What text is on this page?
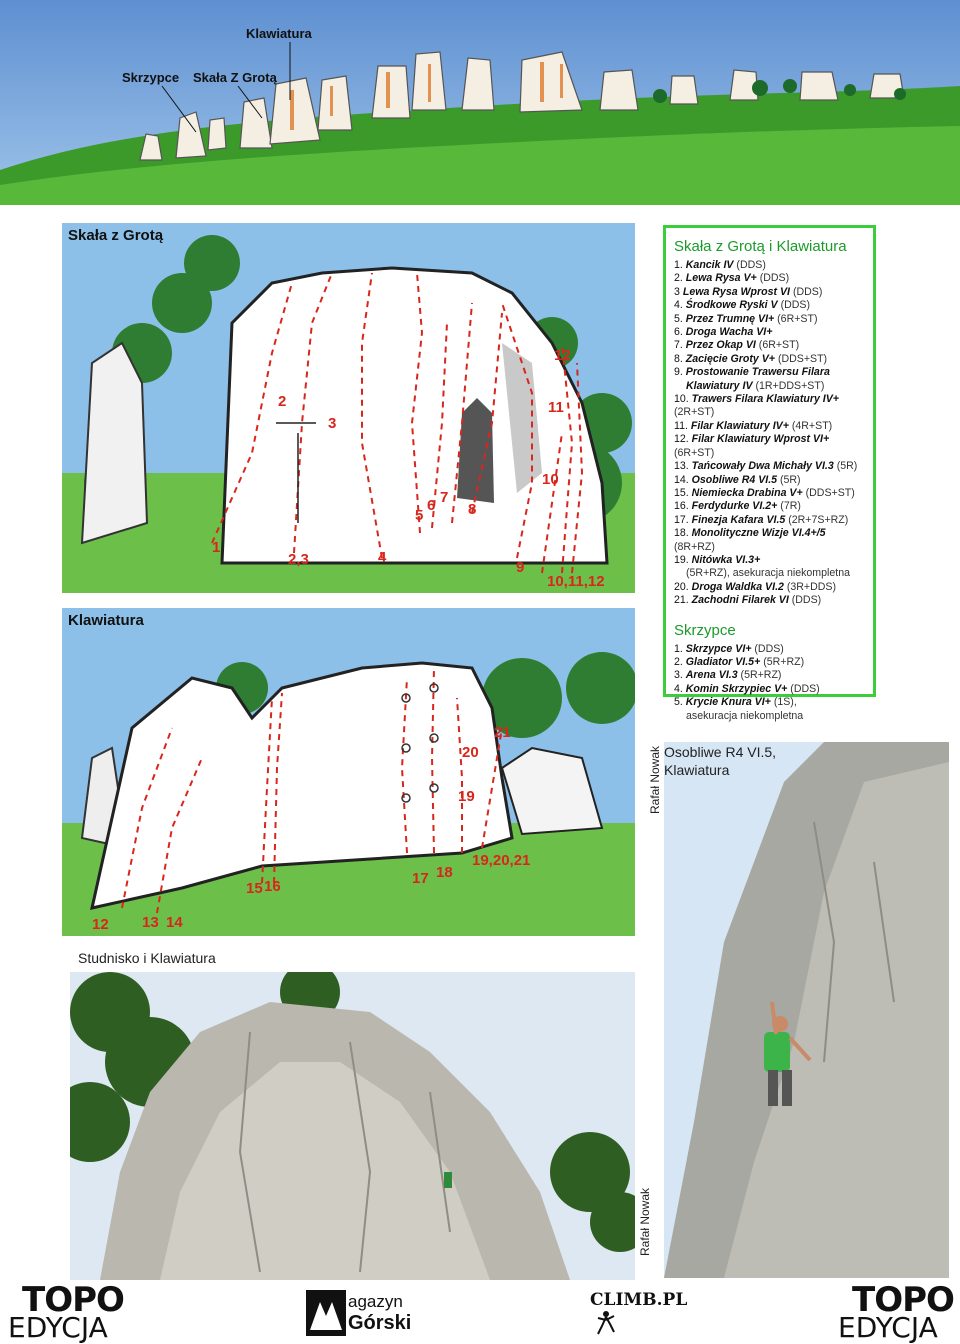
Klawiatura
Skrzypce Skała Z Grotą
Skała z Grotą
1
2
2,3
3
4
5
6 7
8
9
10
10,11,12
11
12
Klawiatura
12 13 14
15 16	17 18
19
19,20,21
20
21
Skała z Grotą i Klawiatura
1. Kancik IV (DDS)
2. Lewa Rysa V+ (DDS)
3 Lewa Rysa Wprost VI (DDS)
4. Środkowe Ryski V (DDS)
5. Przez Trumnę VI+ (6R+ST)
6. Droga Wacha VI+
7. Przez Okap VI (6R+ST)
8. Zacięcie Groty V+ (DDS+ST)
9. Prostowanie Trawersu Filara
Klawiatury IV (1R+DDS+ST)
10. Trawers Filara Klawiatury IV+ (2R+ST)
11. Filar Klawiatury IV+ (4R+ST)
12. Filar Klawiatury Wprost VI+ (6R+ST)
13. Tańcowały Dwa Michały VI.3 (5R)
14. Osobliwe R4 VI.5 (5R)
15. Niemiecka Drabina V+ (DDS+ST)
16. Ferdydurke VI.2+ (7R)
17. Finezja Kafara VI.5 (2R+7S+RZ)
18. Monolityczne Wizje VI.4+/5 (8R+RZ)
19. Nitówka VI.3+
(5R+RZ), asekuracja niekompletna
20. Droga Waldka VI.2 (3R+DDS)
21. Zachodni Filarek VI (DDS)
Skrzypce
1. Skrzypce VI+ (DDS)
2. Gladiator VI.5+ (5R+RZ)
3. Arena VI.3 (5R+RZ)
4. Komin Skrzypiec V+ (DDS)
5. Krycie Knura VI+ (1S),
asekuracja niekompletna
Osobliwe R4 VI.5,
Klawiatura
Rafał Nowak
Studnisko i Klawiatura
Rafał Nowak
TOPO
EDYCJA
agazyn
Górski
CLIMB.PL	TOPO
EDYCJA
